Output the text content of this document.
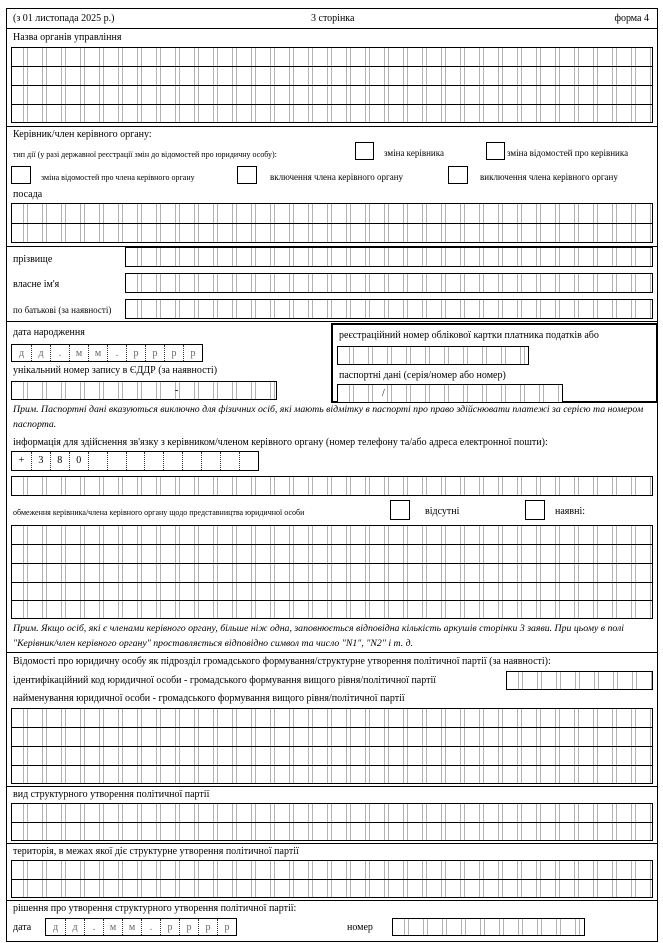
(з 01 листопада 2025 р.)	3 сторінка	форма 4
Назва органів управління
Керівник/член керівного органу:
тип дії (у разі державної реєстрації змін до відомостей про юридичну особу):	зміна керівника	зміна відомостей про керівника
зміна відомостей про члена керівного органу	включення члена керівного органу	виключення члена керівного органу
посада
прізвище
власне ім'я
по батькові (за наявності)
дата народження
д	д	.	м	м	.	р	р	р	р
унікальний номер запису в ЄДДР (за наявності)
-
реєстраційний номер облікової картки платника податків або
паспортні дані (серія/номер або номер)
/
Прим. Паспортні дані вказуються виключно для фізичних осіб, які мають відмітку в паспорті про право здійснювати платежі за серією та номером паспорта.
інформація для здійснення зв'язку з керівником/членом керівного органу (номер телефону та/або адреса електронної пошти):
+	3	8	0
обмеження керівника/члена керівного органу щодо представництва юридичної особи	відсутні	наявні:
Прим. Якщо осіб, які є членами керівного органу, більше ніж одна, заповнюється відповідна кількість аркушів сторінки 3 заяви. При цьому в полі "Керівник/член керівного органу" проставляється відповідно символ та число "N1", "N2" і т. д.
Відомості про юридичну особу як підрозділ громадського формування/структурне утворення політичної партії (за наявності):
ідентифікаційний код юридичної особи - громадського формування вищого рівня/політичної партії
найменування юридичної особи - громадського формування вищого рівня/політичної партії
вид структурного утворення політичної партії
територія, в межах якої діє структурне утворення політичної партії
рішення про утворення структурного утворення політичної партії:
дата	д	д	.	м	м	.	р	р	р	р	номер
